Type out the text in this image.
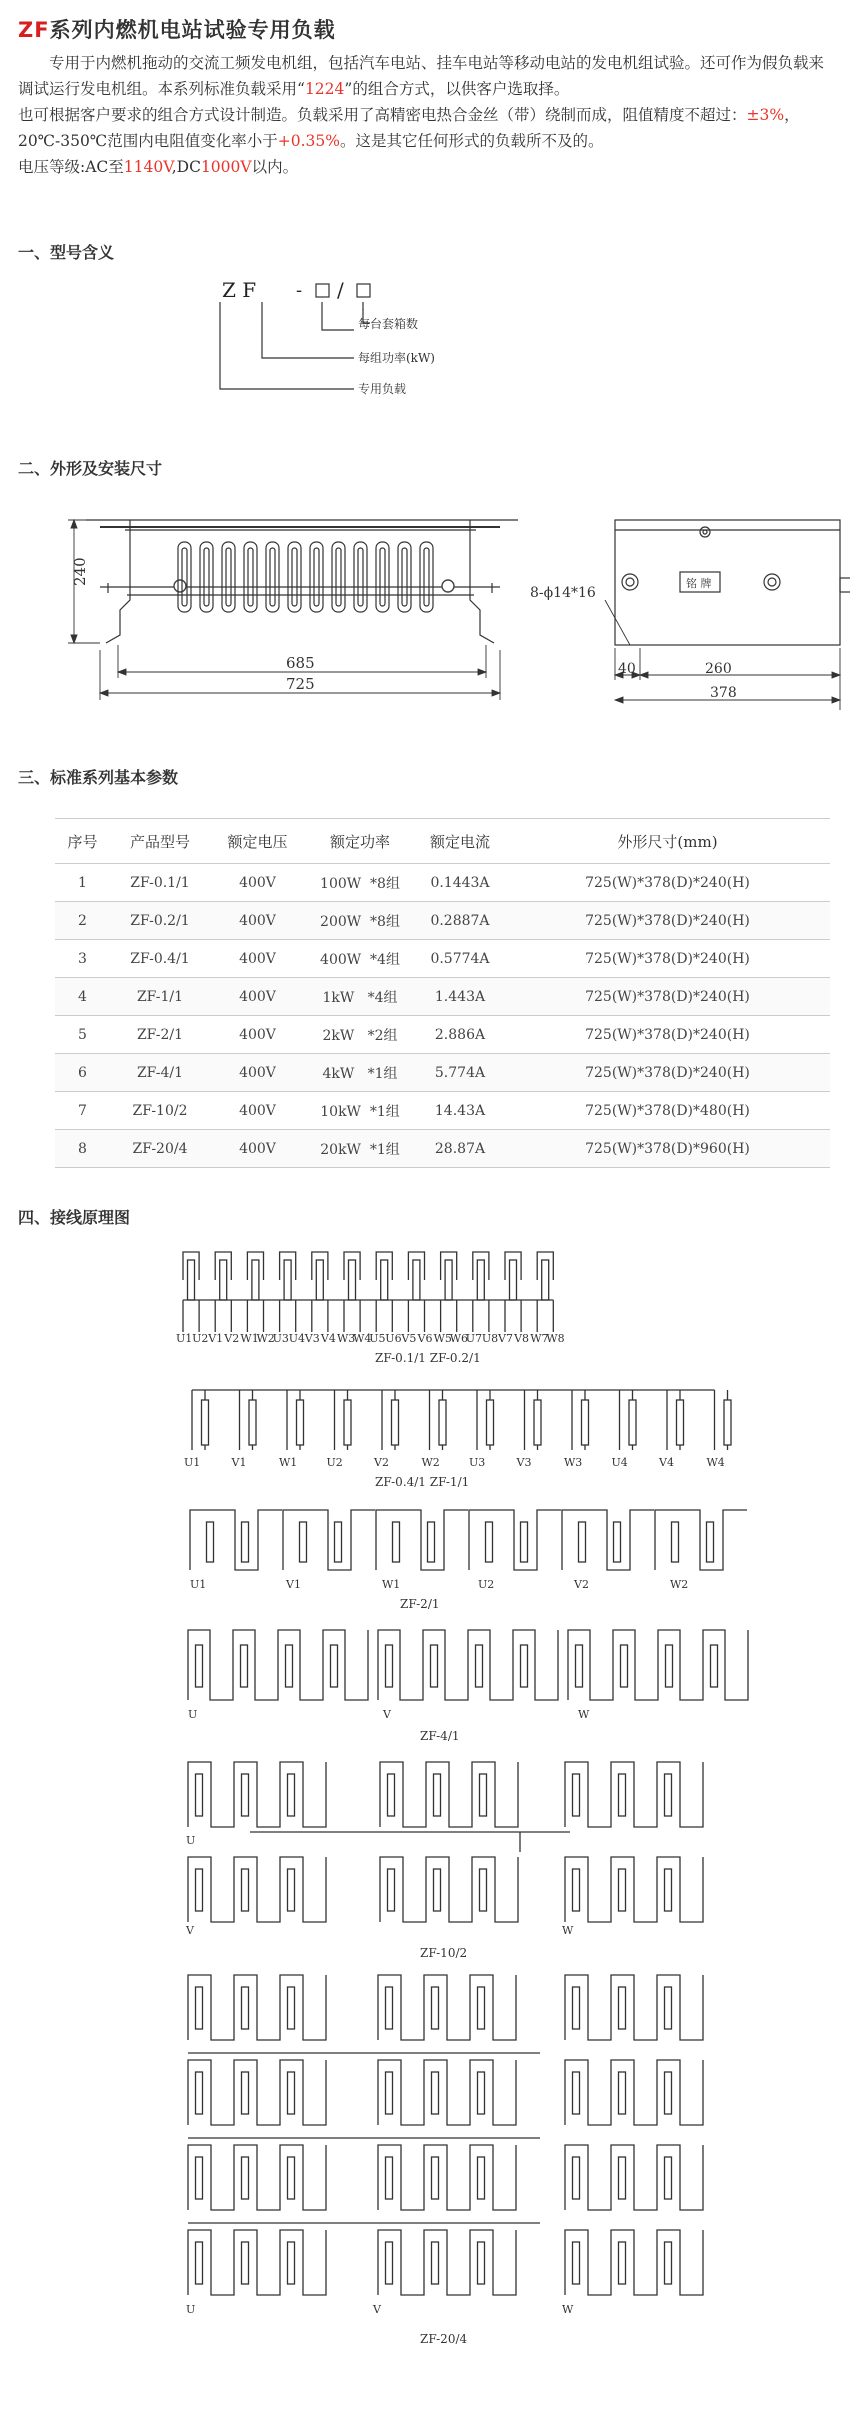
ZF系列内燃机电站试验专用负载

专用于内燃机拖动的交流工频发电机组，包括汽车电站、挂车电站等移动电站的发电机组试验。还可作为假负载来调试运行发电机组。本系列标准负载采用“1224”的组合方式，以供客户选取择。

也可根据客户要求的组合方式设计制造。负载采用了高精密电热合金丝（带）绕制而成，阻值精度不超过：±3%，20℃-350℃范围内电阻值变化率小于+0.35%。这是其它任何形式的负载所不及的。

电压等级:AC至1140V,DC1000V以内。

一、型号含义
Z F - /
每台套箱数
每组功率(kW)
专用负载
二、外形及安装尺寸
240
685
725
铭 牌
8-ϕ14*16
40	260
378
三、标准系列基本参数
序号	产品型号	额定电压	额定功率	额定电流	外形尺寸(mm)
1	ZF-0.1/1	400V	100W  *8组	0.1443A	725(W)*378(D)*240(H)
2	ZF-0.2/1	400V	200W  *8组	0.2887A	725(W)*378(D)*240(H)
3	ZF-0.4/1	400V	400W  *4组	0.5774A	725(W)*378(D)*240(H)
4	ZF-1/1	400V	1kW   *4组	1.443A	725(W)*378(D)*240(H)
5	ZF-2/1	400V	2kW   *2组	2.886A	725(W)*378(D)*240(H)
6	ZF-4/1	400V	4kW   *1组	5.774A	725(W)*378(D)*240(H)
7	ZF-10/2	400V	10kW  *1组	14.43A	725(W)*378(D)*480(H)
8	ZF-20/4	400V	20kW  *1组	28.87A	725(W)*378(D)*960(H)
四、接线原理图
U1 U2 V1 V2 W1
W2
U3 U4 V3 V4 W3
W4
U5 U6 V5 V6 W5
W6
U7 U8 V7 V8 W7
W8
ZF-0.1/1 ZF-0.2/1
U1	V1	W1	U2	V2	W2	U3	V3	W3	U4	V4	W4
ZF-0.4/1 ZF-1/1
U1	V1	W1	U2	V2	W2
ZF-2/1
U	V	W
ZF-4/1
U
V	W
ZF-10/2
U	V	W
ZF-20/4
